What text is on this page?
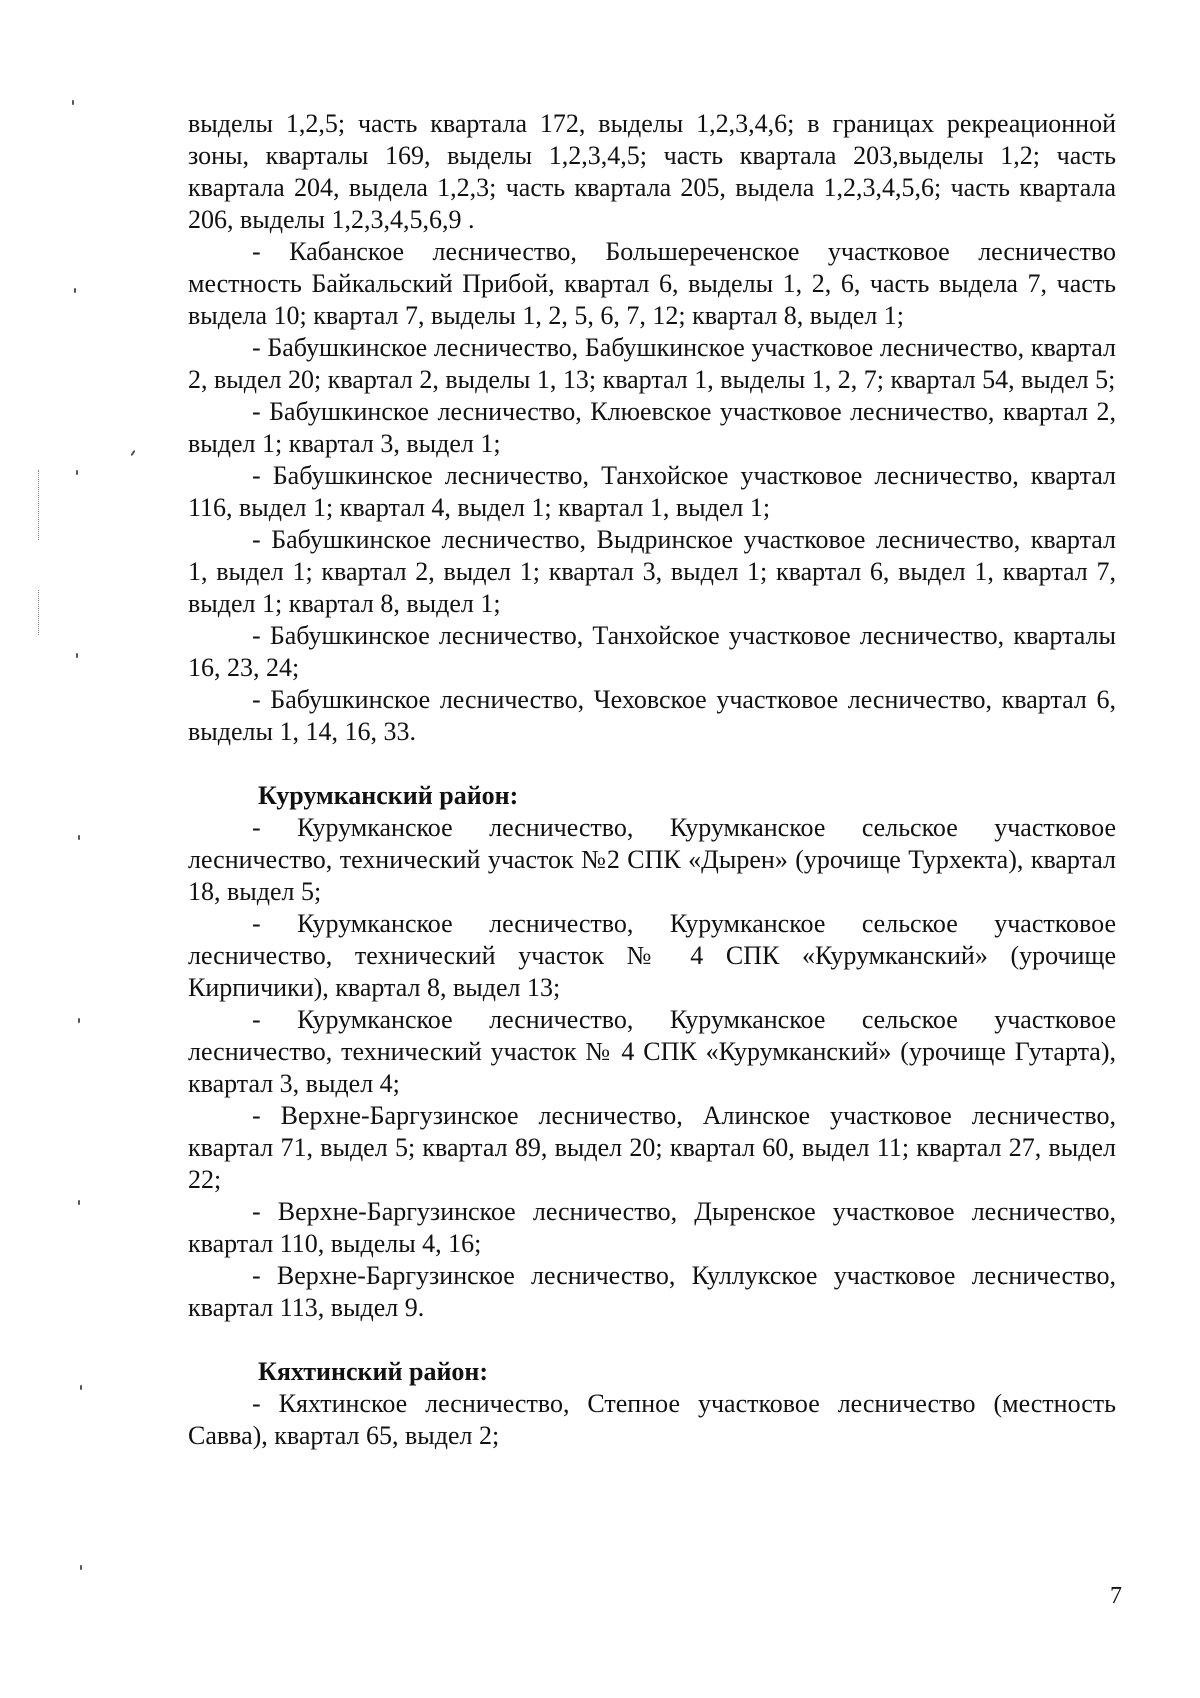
выделы 1,2,5; часть квартала 172, выделы 1,2,3,4,6; в границах рекреационной зоны, кварталы 169, выделы 1,2,3,4,5; часть квартала 203,выделы 1,2; часть квартала 204, выдела 1,2,3; часть квартала 205, выдела 1,2,3,4,5,6; часть квартала 206, выделы 1,2,3,4,5,6,9 .

- Кабанское лесничество, Большереченское участковое лесничество местность Байкальский Прибой, квартал 6, выделы 1, 2, 6, часть выдела 7, часть выдела 10; квартал 7, выделы 1, 2, 5, 6, 7, 12; квартал 8, выдел 1;

- Бабушкинское лесничество, Бабушкинское участковое лесничество, квартал 2, выдел 20; квартал 2, выделы 1, 13; квартал 1, выделы 1, 2, 7; квартал 54, выдел 5;

- Бабушкинское лесничество, Клюевское участковое лесничество, квартал 2, выдел 1; квартал 3, выдел 1;

- Бабушкинское лесничество, Танхойское участковое лесничество, квартал 116, выдел 1; квартал 4, выдел 1; квартал 1, выдел 1;

- Бабушкинское лесничество, Выдринское участковое лесничество, квартал 1, выдел 1; квартал 2, выдел 1; квартал 3, выдел 1; квартал 6, выдел 1, квартал 7, выдел 1; квартал 8, выдел 1;

- Бабушкинское лесничество, Танхойское участковое лесничество, кварталы 16, 23, 24;

- Бабушкинское лесничество, Чеховское участковое лесничество, квартал 6, выделы 1, 14, 16, 33.

Курумканский район:

- Курумканское лесничество, Курумканское сельское участковое лесничество, технический участок №2 СПК «Дырен» (урочище Турхекта), квартал 18, выдел 5;

- Курумканское лесничество, Курумканское сельское участковое лесничество, технический участок № 4 СПК «Курумканский» (урочище Кирпичики), квартал 8, выдел 13;

- Курумканское лесничество, Курумканское сельское участковое лесничество, технический участок № 4 СПК «Курумканский» (урочище Гутарта), квартал 3, выдел 4;

- Верхне-Баргузинское лесничество, Алинское участковое лесничество, квартал 71, выдел 5; квартал 89, выдел 20; квартал 60, выдел 11; квартал 27, выдел 22;

- Верхне-Баргузинское лесничество, Дыренское участковое лесничество, квартал 110, выделы 4, 16;

- Верхне-Баргузинское лесничество, Куллукское участковое лесничество, квартал 113, выдел 9.

Кяхтинский район:

- Кяхтинское лесничество, Степное участковое лесничество (местность Савва), квартал 65, выдел 2;

7
